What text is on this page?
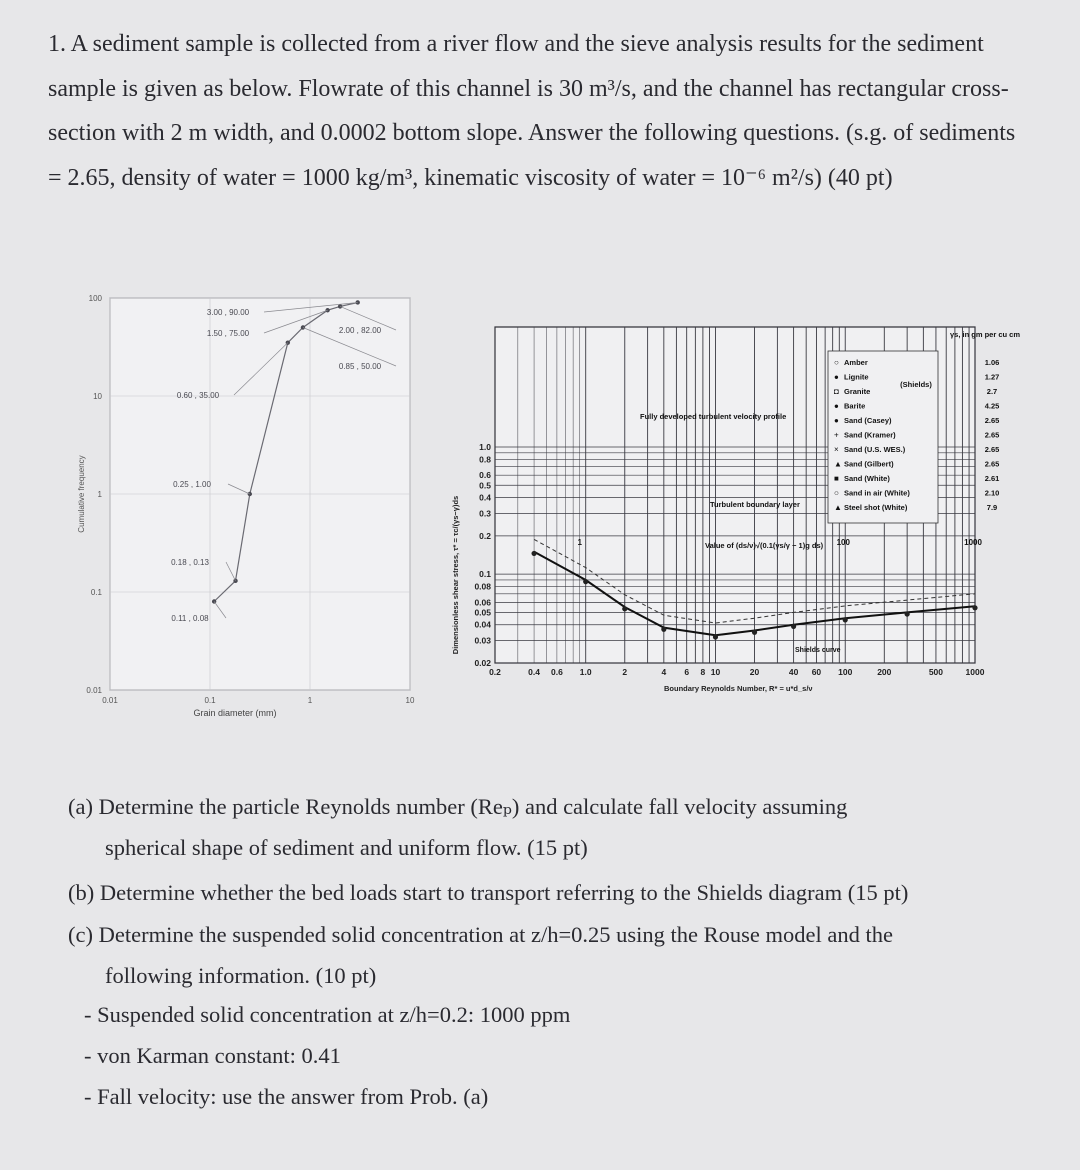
1. A sediment sample is collected from a river flow and the sieve analysis results for the sediment sample is given as below. Flowrate of this channel is 30 m³/s, and the channel has rectangular cross-section with 2 m width, and 0.0002 bottom slope. Answer the following questions. (s.g. of sediments = 2.65, density of water = 1000 kg/m³, kinematic viscosity of water = 10⁻⁶ m²/s) (40 pt)

0.01	0.1	1	10
0.01
0.1
1
10
100
Grain diameter (mm)
Cumulative frequency
0.11 , 0.08
0.18 , 0.13
0.25 , 1.00
0.60 , 35.00
0.85 , 50.00
1.50 , 75.00	2.00 , 82.00
3.00 , 90.00
0.2	0.4 0.6 1.0	2	4 6 8 10	20	40 60 100	200	500	1000
1.0
0.8
0.6
0.5
0.4
0.3
0.2
0.1
0.08
0.06
0.05
0.04
0.03
0.02
Boundary Reynolds Number, R* = u*d_s/ν
Dimensionless shear stress, τ* = τc/(γs−γ)ds	1	100	1000
Fully developed turbulent velocity profile
Turbulent boundary layer
Value of (ds/ν)√(0.1(γs/γ − 1)g ds)
Shields curve
γs, in gm per cu cm
(Shields)
○ Amber	1.06
● Lignite	1.27
◘ Granite	2.7
● Barite	4.25
● Sand (Casey)	2.65
+ Sand (Kramer)	2.65
× Sand (U.S. WES.)	2.65
▲ Sand (Gilbert)	2.65
■ Sand (White)	2.61
○ Sand in air (White)	2.10
▲ Steel shot (White)	7.9
(a) Determine the particle Reynolds number (Reₚ) and calculate fall velocity assuming
spherical shape of sediment and uniform flow. (15 pt)
(b) Determine whether the bed loads start to transport referring to the Shields diagram (15 pt)
(c) Determine the suspended solid concentration at z/h=0.25 using the Rouse model and the
following information. (10 pt)
- Suspended solid concentration at z/h=0.2: 1000 ppm
- von Karman constant: 0.41
- Fall velocity: use the answer from Prob. (a)
